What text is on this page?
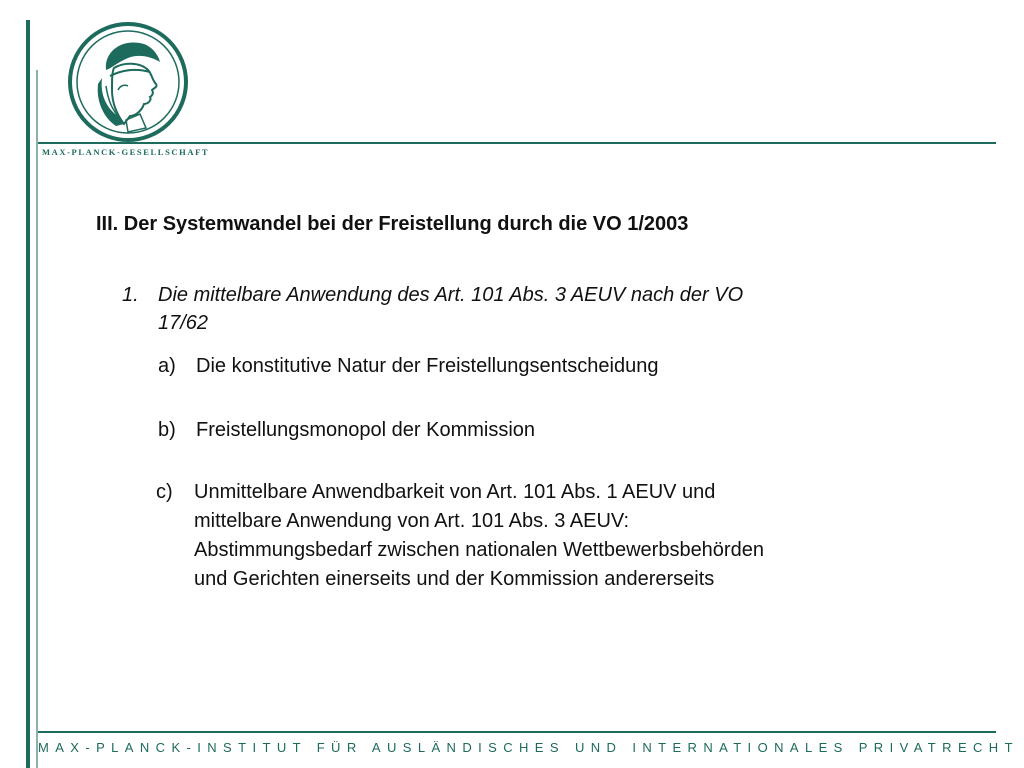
MAX-PLANCK-GESELLSCHAFT
III. Der Systemwandel bei der Freistellung durch die VO 1/2003
1. Die mittelbare Anwendung des Art. 101 Abs. 3 AEUV nach der VO
17/62
a) Die konstitutive Natur der Freistellungsentscheidung
b) Freistellungsmonopol der Kommission
c)	Unmittelbare Anwendbarkeit von Art. 101 Abs. 1 AEUV und
mittelbare Anwendung von Art. 101 Abs. 3 AEUV:
Abstimmungsbedarf zwischen nationalen Wettbewerbsbehörden
und Gerichten einerseits und der Kommission andererseits
MAX-PLANCK-INSTITUT FÜR AUSLÄNDISCHES UND INTERNATIONALES PRIVATRECHT
